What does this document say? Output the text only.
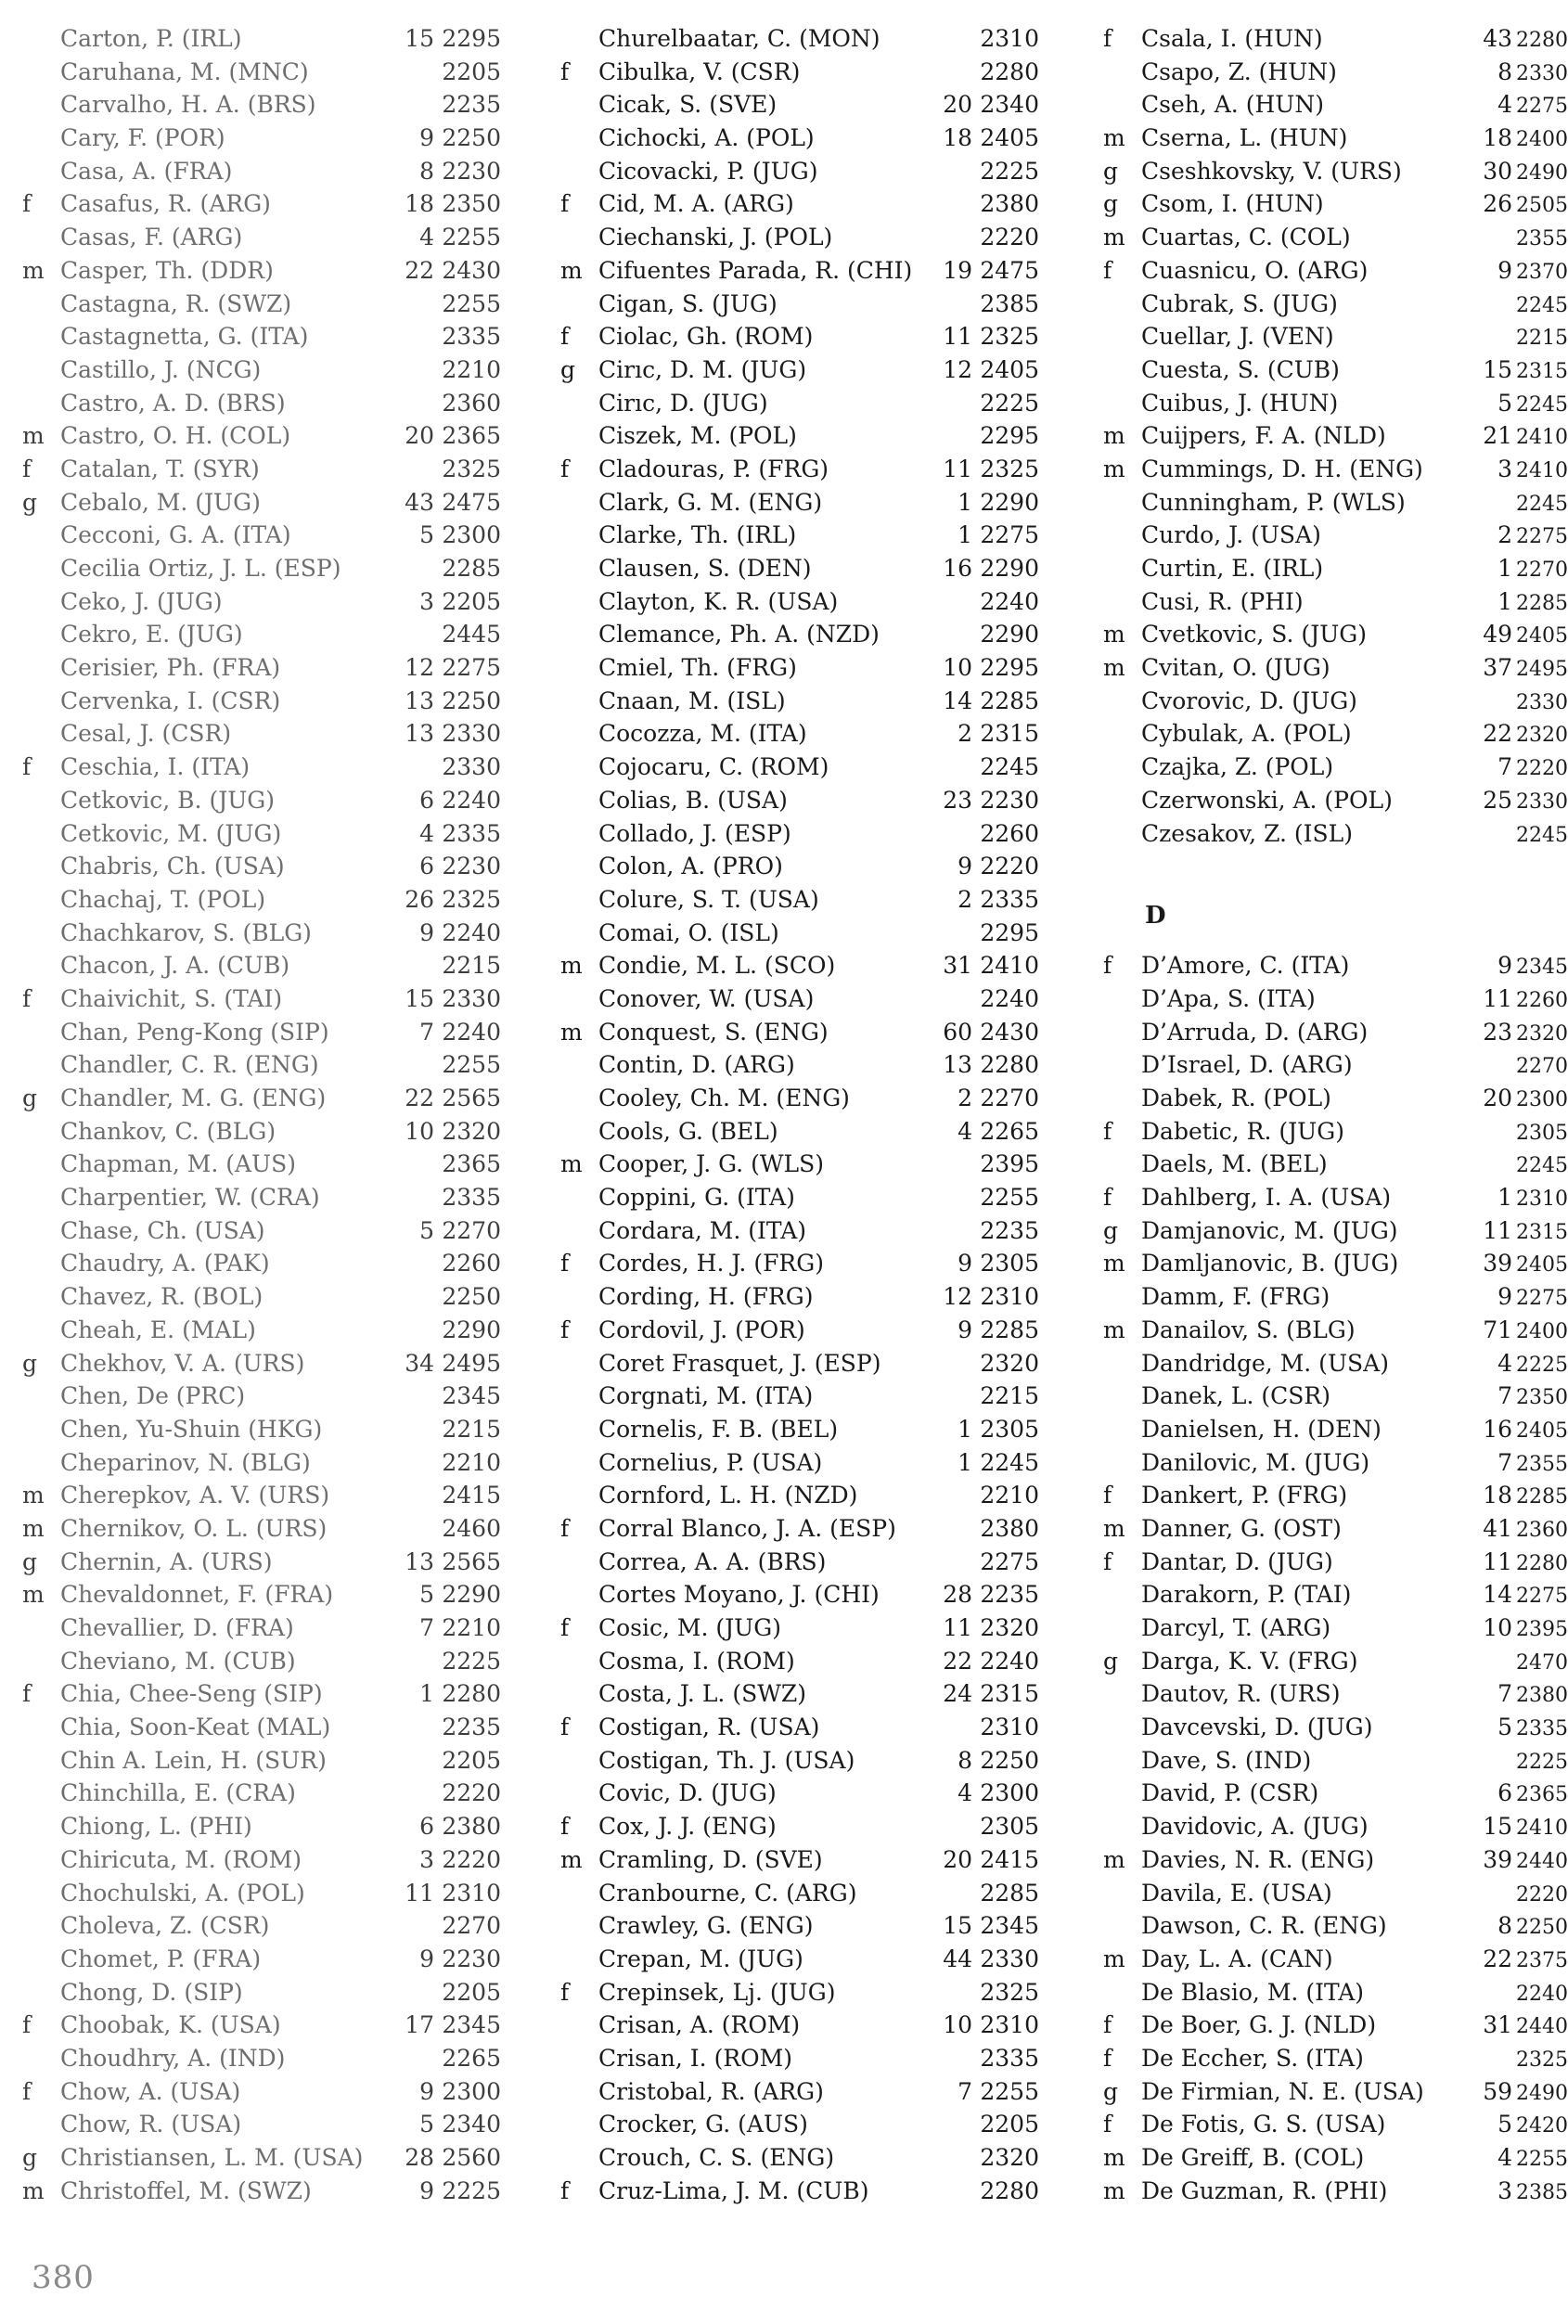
Carton, P. (IRL)	15 2295
Caruhana, M. (MNC)	2205
Carvalho, H. A. (BRS)	2235
Cary, F. (POR)	9 2250
Casa, A. (FRA)	8 2230
f	Casafus, R. (ARG)	18 2350
Casas, F. (ARG)	4 2255
m Casper, Th. (DDR)	22 2430
Castagna, R. (SWZ)	2255
Castagnetta, G. (ITA)	2335
Castillo, J. (NCG)	2210
Castro, A. D. (BRS)	2360
m Castro, O. H. (COL)	20 2365
f	Catalan, T. (SYR)	2325
g Cebalo, M. (JUG)	43 2475
Cecconi, G. A. (ITA)	5 2300
Cecilia Ortiz, J. L. (ESP)	2285
Ceko, J. (JUG)	3 2205
Cekro, E. (JUG)	2445
Cerisier, Ph. (FRA)	12 2275
Cervenka, I. (CSR)	13 2250
Cesal, J. (CSR)	13 2330
f	Ceschia, I. (ITA)	2330
Cetkovic, B. (JUG)	6 2240
Cetkovic, M. (JUG)	4 2335
Chabris, Ch. (USA)	6 2230
Chachaj, T. (POL)	26 2325
Chachkarov, S. (BLG)	9 2240
Chacon, J. A. (CUB)	2215
f	Chaivichit, S. (TAI)	15 2330
Chan, Peng-Kong (SIP)	7 2240
Chandler, C. R. (ENG)	2255
g Chandler, M. G. (ENG)	22 2565
Chankov, C. (BLG)	10 2320
Chapman, M. (AUS)	2365
Charpentier, W. (CRA)	2335
Chase, Ch. (USA)	5 2270
Chaudry, A. (PAK)	2260
Chavez, R. (BOL)	2250
Cheah, E. (MAL)	2290
g Chekhov, V. A. (URS)	34 2495
Chen, De (PRC)	2345
Chen, Yu-Shuin (HKG)	2215
Cheparinov, N. (BLG)	2210
m Cherepkov, A. V. (URS)	2415
m Chernikov, O. L. (URS)	2460
g Chernin, A. (URS)	13 2565
m Chevaldonnet, F. (FRA)	5 2290
Chevallier, D. (FRA)	7 2210
Cheviano, M. (CUB)	2225
f	Chia, Chee-Seng (SIP)	1 2280
Chia, Soon-Keat (MAL)	2235
Chin A. Lein, H. (SUR)	2205
Chinchilla, E. (CRA)	2220
Chiong, L. (PHI)	6 2380
Chiricuta, M. (ROM)	3 2220
Chochulski, A. (POL)	11 2310
Choleva, Z. (CSR)	2270
Chomet, P. (FRA)	9 2230
Chong, D. (SIP)	2205
f	Choobak, K. (USA)	17 2345
Choudhry, A. (IND)	2265
f	Chow, A. (USA)	9 2300
Chow, R. (USA)	5 2340
g Christiansen, L. M. (USA)	28 2560
m Christoffel, M. (SWZ)	9 2225
Churelbaatar, C. (MON)	2310
f	Cibulka, V. (CSR)	2280
Cicak, S. (SVE)	20 2340
Cichocki, A. (POL)	18 2405
Cicovacki, P. (JUG)	2225
f	Cid, M. A. (ARG)	2380
Ciechanski, J. (POL)	2220
m Cifuentes Parada, R. (CHI)	19 2475
Cigan, S. (JUG)	2385
f	Ciolac, Gh. (ROM)	11 2325
g Cirıc, D. M. (JUG)	12 2405
Cirıc, D. (JUG)	2225
Ciszek, M. (POL)	2295
f	Cladouras, P. (FRG)	11 2325
Clark, G. M. (ENG)	1 2290
Clarke, Th. (IRL)	1 2275
Clausen, S. (DEN)	16 2290
Clayton, K. R. (USA)	2240
Clemance, Ph. A. (NZD)	2290
Cmiel, Th. (FRG)	10 2295
Cnaan, M. (ISL)	14 2285
Cocozza, M. (ITA)	2 2315
Cojocaru, C. (ROM)	2245
Colias, B. (USA)	23 2230
Collado, J. (ESP)	2260
Colon, A. (PRO)	9 2220
Colure, S. T. (USA)	2 2335
Comai, O. (ISL)	2295
m Condie, M. L. (SCO)	31 2410
Conover, W. (USA)	2240
m Conquest, S. (ENG)	60 2430
Contin, D. (ARG)	13 2280
Cooley, Ch. M. (ENG)	2 2270
Cools, G. (BEL)	4 2265
m Cooper, J. G. (WLS)	2395
Coppini, G. (ITA)	2255
Cordara, M. (ITA)	2235
f	Cordes, H. J. (FRG)	9 2305
Cording, H. (FRG)	12 2310
f	Cordovil, J. (POR)	9 2285
Coret Frasquet, J. (ESP)	2320
Corgnati, M. (ITA)	2215
Cornelis, F. B. (BEL)	1 2305
Cornelius, P. (USA)	1 2245
Cornford, L. H. (NZD)	2210
f	Corral Blanco, J. A. (ESP)	2380
Correa, A. A. (BRS)	2275
Cortes Moyano, J. (CHI)	28 2235
f	Cosic, M. (JUG)	11 2320
Cosma, I. (ROM)	22 2240
Costa, J. L. (SWZ)	24 2315
f	Costigan, R. (USA)	2310
Costigan, Th. J. (USA)	8 2250
Covic, D. (JUG)	4 2300
f	Cox, J. J. (ENG)	2305
m Cramling, D. (SVE)	20 2415
Cranbourne, C. (ARG)	2285
Crawley, G. (ENG)	15 2345
Crepan, M. (JUG)	44 2330
f	Crepinsek, Lj. (JUG)	2325
Crisan, A. (ROM)	10 2310
Crisan, I. (ROM)	2335
Cristobal, R. (ARG)	7 2255
Crocker, G. (AUS)	2205
Crouch, C. S. (ENG)	2320
f	Cruz-Lima, J. M. (CUB)	2280
f	Csala, I. (HUN)	43 2280
Csapo, Z. (HUN)	8 2330
Cseh, A. (HUN)	4 2275
m Cserna, L. (HUN)	18 2400
g Cseshkovsky, V. (URS)	30 2490
g Csom, I. (HUN)	26 2505
m Cuartas, C. (COL)	2355
f	Cuasnicu, O. (ARG)	9 2370
Cubrak, S. (JUG)	2245
Cuellar, J. (VEN)	2215
Cuesta, S. (CUB)	15 2315
Cuibus, J. (HUN)	5 2245
m Cuijpers, F. A. (NLD)	21 2410
m Cummings, D. H. (ENG)	3 2410
Cunningham, P. (WLS)	2245
Curdo, J. (USA)	2 2275
Curtin, E. (IRL)	1 2270
Cusi, R. (PHI)	1 2285
m Cvetkovic, S. (JUG)	49 2405
m Cvitan, O. (JUG)	37 2495
Cvorovic, D. (JUG)	2330
Cybulak, A. (POL)	22 2320
Czajka, Z. (POL)	7 2220
Czerwonski, A. (POL)	25 2330
Czesakov, Z. (ISL)	2245
D
f	D’Amore, C. (ITA)	9 2345
D’Apa, S. (ITA)	11 2260
D’Arruda, D. (ARG)	23 2320
D’Israel, D. (ARG)	2270
Dabek, R. (POL)	20 2300
f	Dabetic, R. (JUG)	2305
Daels, M. (BEL)	2245
f	Dahlberg, I. A. (USA)	1 2310
g Damjanovic, M. (JUG)	11 2315
m Damljanovic, B. (JUG)	39 2405
Damm, F. (FRG)	9 2275
m Danailov, S. (BLG)	71 2400
Dandridge, M. (USA)	4 2225
Danek, L. (CSR)	7 2350
Danielsen, H. (DEN)	16 2405
Danilovic, M. (JUG)	7 2355
f	Dankert, P. (FRG)	18 2285
m Danner, G. (OST)	41 2360
f	Dantar, D. (JUG)	11 2280
Darakorn, P. (TAI)	14 2275
Darcyl, T. (ARG)	10 2395
g Darga, K. V. (FRG)	2470
Dautov, R. (URS)	7 2380
Davcevski, D. (JUG)	5 2335
Dave, S. (IND)	2225
David, P. (CSR)	6 2365
Davidovic, A. (JUG)	15 2410
m Davies, N. R. (ENG)	39 2440
Davila, E. (USA)	2220
Dawson, C. R. (ENG)	8 2250
m Day, L. A. (CAN)	22 2375
De Blasio, M. (ITA)	2240
f	De Boer, G. J. (NLD)	31 2440
f	De Eccher, S. (ITA)	2325
g De Firmian, N. E. (USA)	59 2490
f	De Fotis, G. S. (USA)	5 2420
m De Greiff, B. (COL)	4 2255
m De Guzman, R. (PHI)	3 2385
380
